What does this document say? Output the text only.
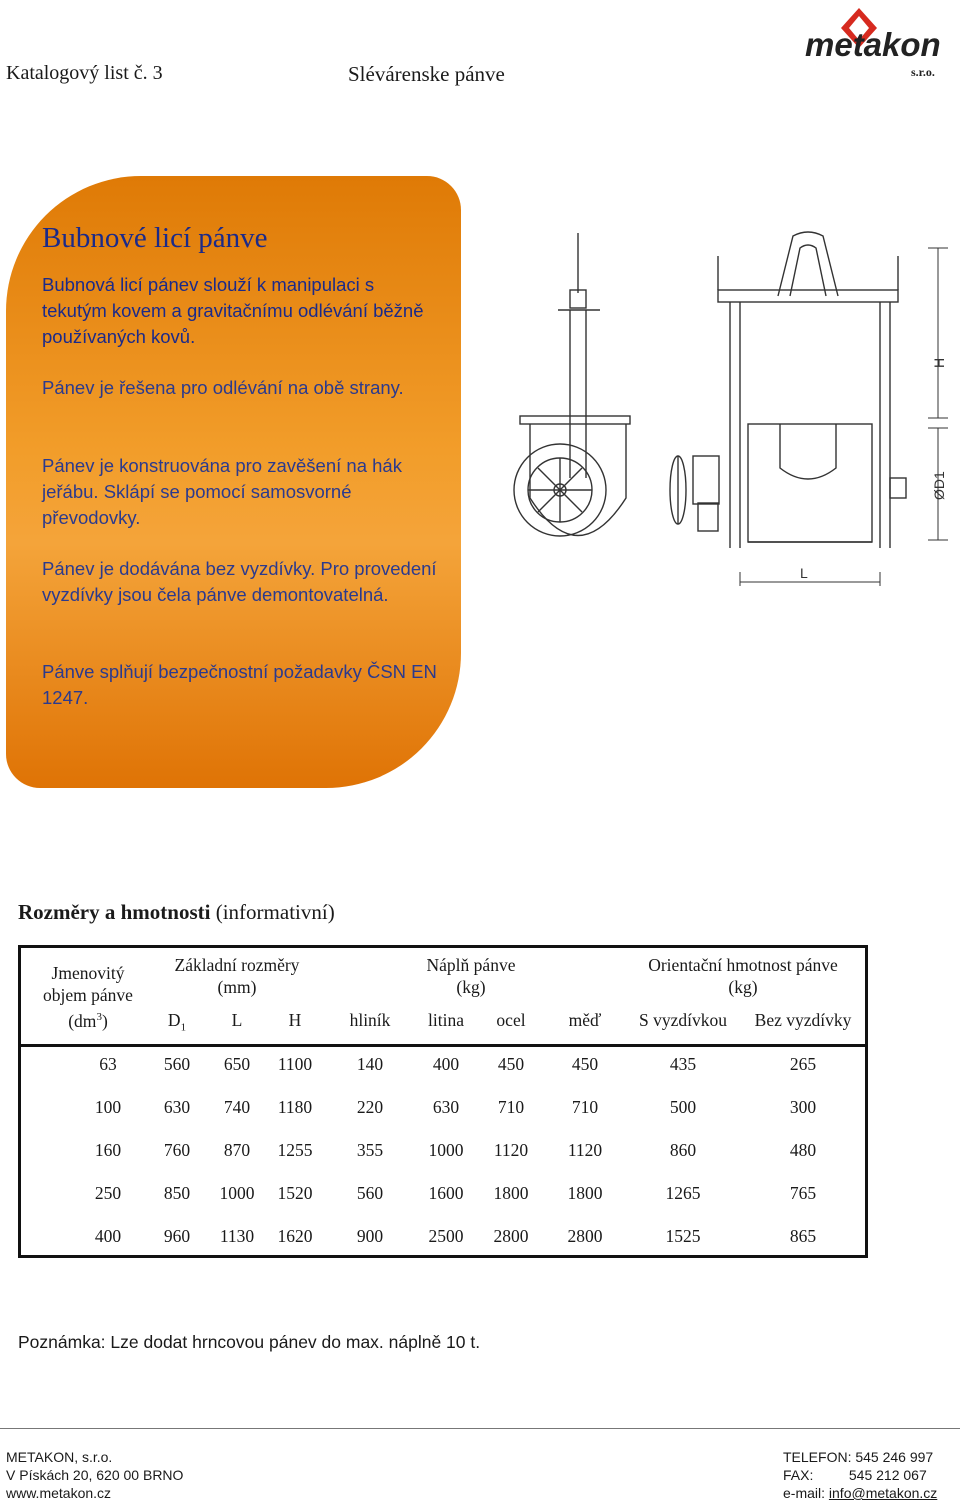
Katalogový list č. 3	Slévárenske pánve
metakon
s.r.o.
Bubnové licí pánve

Bubnová licí pánev slouží k manipulaci s tekutým kovem a gravitačnímu odlévání běžně používaných kovů.

Pánev je řešena pro odlévání na obě strany.

Pánev je konstruována pro zavěšení na hák jeřábu. Sklápí se pomocí samosvorné převodovky.

Pánev je dodávána bez vyzdívky. Pro provedení vyzdívky jsou čela pánve demontovatelná.

Pánve splňují bezpečnostní požadavky ČSN EN 1247.

H
ØD1
L
Rozměry a hmotnosti (informativní)
Jmenovitý
objem pánve
$(dm^3)$
Základní rozměry
(mm)
Náplň pánve
(kg)
Orientační hmotnost pánve
(kg)
$D_1$	L	H	hliník	litina	ocel	měď	S vyzdívkou	Bez vyzdívky
63	560	650	1100	140	400	450	450	435	265
100	630	740	1180	220	630	710	710	500	300
160	760	870	1255	355	1000	1120	1120	860	480
250	850	1000	1520	560	1600	1800	1800	1265	765
400	960	1130	1620	900	2500	2800	2800	1525	865
Poznámka: Lze dodat hrncovou pánev do max. náplně 10 t.
METAKON, s.r.o.
V Pískách 20, 620 00 BRNO
www.metakon.cz
TELEFON: 545 246 997
FAX:	545 212 067
e-mail: info@metakon.cz
